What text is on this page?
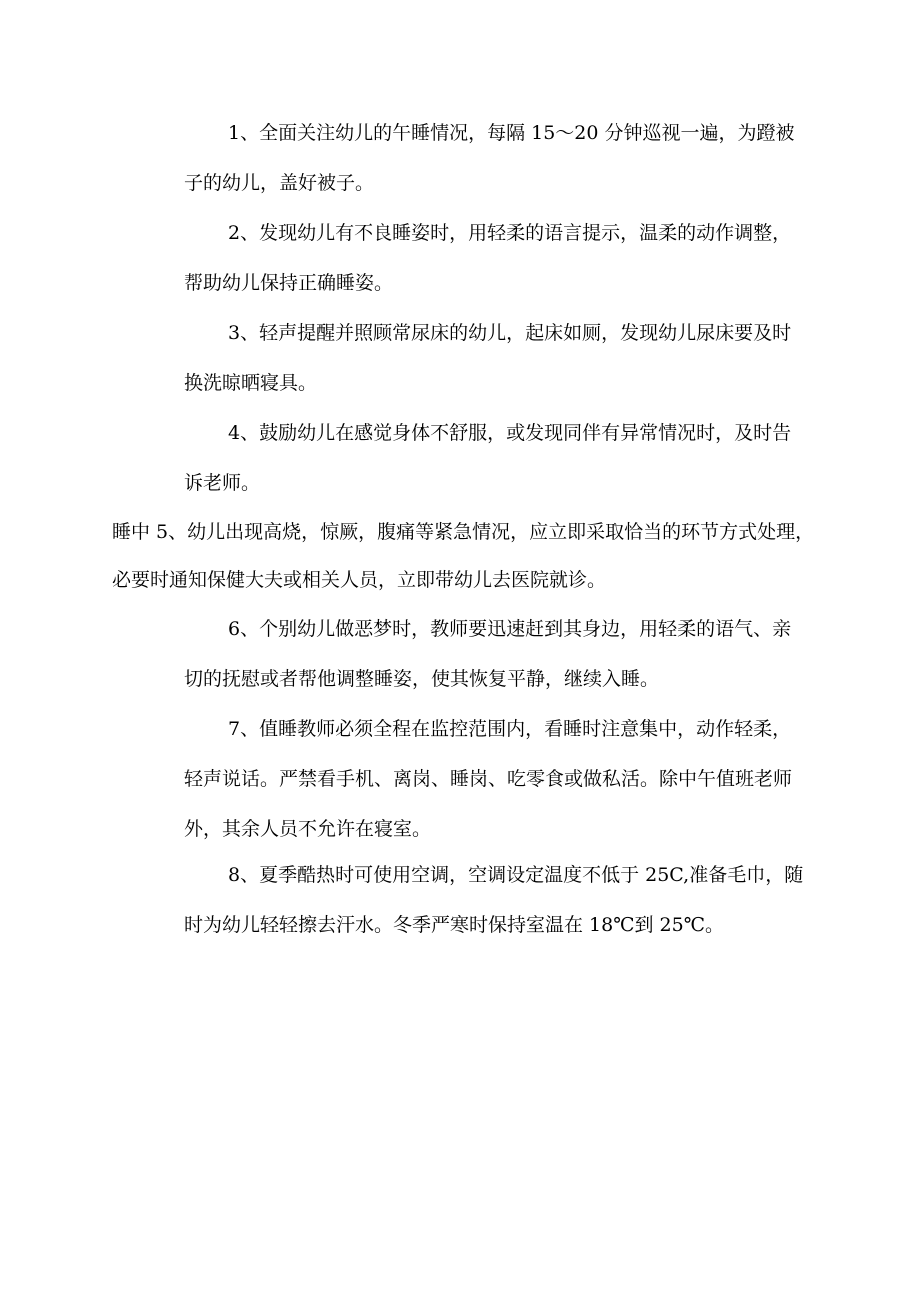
1、全面关注幼儿的午睡情况，每隔 15～20 分钟巡视一遍，为蹬被
子的幼儿，盖好被子。
2、发现幼儿有不良睡姿时，用轻柔的语言提示，温柔的动作调整，
帮助幼儿保持正确睡姿。
3、轻声提醒并照顾常尿床的幼儿，起床如厕，发现幼儿尿床要及时
换洗晾晒寝具。
4、鼓励幼儿在感觉身体不舒服，或发现同伴有异常情况时，及时告
诉老师。
睡中 5、幼儿出现高烧，惊厥，腹痛等紧急情况，应立即采取恰当的环节方式处理，
必要时通知保健大夫或相关人员，立即带幼儿去医院就诊。
6、个别幼儿做恶梦时，教师要迅速赶到其身边，用轻柔的语气、亲
切的抚慰或者帮他调整睡姿，使其恢复平静，继续入睡。
7、值睡教师必须全程在监控范围内，看睡时注意集中，动作轻柔，
轻声说话。严禁看手机、离岗、睡岗、吃零食或做私活。除中午值班老师
外，其余人员不允许在寝室。
8、夏季酷热时可使用空调，空调设定温度不低于 25C,准备毛巾，随
时为幼儿轻轻擦去汗水。冬季严寒时保持室温在 18℃到 25℃。
